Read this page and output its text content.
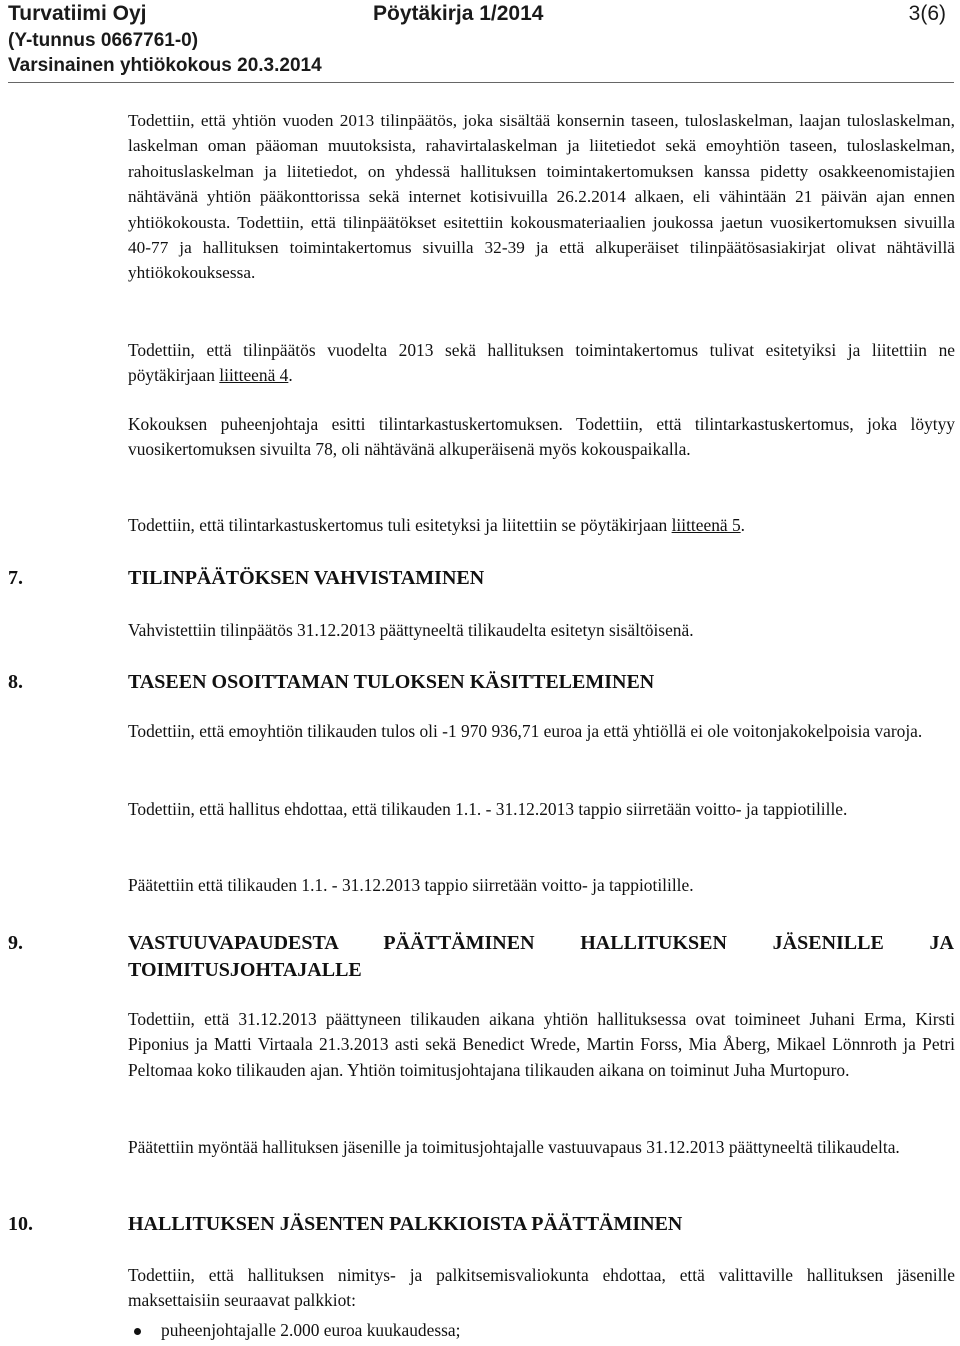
Turvatiimi Oyj	Pöytäkirja 1/2014	3(6)
(Y-tunnus 0667761-0)
Varsinainen yhtiökokous 20.3.2014

Todettiin, että yhtiön vuoden 2013 tilinpäätös, joka sisältää konsernin taseen, tuloslaskelman, laajan tuloslaskelman, laskelman oman pääoman muutoksista, rahavirtalaskelman ja liitetiedot sekä emoyhtiön taseen, tuloslaskelman, rahoituslaskelman ja liitetiedot, on yhdessä hallituksen toimintakertomuksen kanssa pidetty osakkeenomistajien nähtävänä yhtiön pääkonttorissa sekä internet kotisivuilla 26.2.2014 alkaen, eli vähintään 21 päivän ajan ennen yhtiökokousta. Todettiin, että tilinpäätökset esitettiin kokousmateriaalien joukossa jaetun vuosikertomuksen sivuilla 40-77 ja hallituksen toimintakertomus sivuilla 32-39 ja että alkuperäiset tilinpäätösasiakirjat olivat nähtävillä yhtiökokouksessa.

Todettiin, että tilinpäätös vuodelta 2013 sekä hallituksen toimintakertomus tulivat esitetyiksi ja liitettiin ne pöytäkirjaan liitteenä 4.

Kokouksen puheenjohtaja esitti tilintarkastuskertomuksen. Todettiin, että tilintarkastuskertomus, joka löytyy vuosikertomuksen sivuilta 78, oli nähtävänä alkuperäisenä myös kokouspaikalla.

Todettiin, että tilintarkastuskertomus tuli esitetyksi ja liitettiin se pöytäkirjaan liitteenä 5.

7.	TILINPÄÄTÖKSEN VAHVISTAMINEN

Vahvistettiin tilinpäätös 31.12.2013 päättyneeltä tilikaudelta esitetyn sisältöisenä.

8.	TASEEN OSOITTAMAN TULOKSEN KÄSITTELEMINEN

Todettiin, että emoyhtiön tilikauden tulos oli -1 970 936,71 euroa ja että yhtiöllä ei ole voitonjakokelpoisia varoja.

Todettiin, että hallitus ehdottaa, että tilikauden 1.1. - 31.12.2013 tappio siirretään voitto- ja tappiotilille.

Päätettiin että tilikauden 1.1. - 31.12.2013 tappio siirretään voitto- ja tappiotilille.

9.	VASTUUVAPAUDESTA PÄÄTTÄMINEN HALLITUKSEN JÄSENILLE JA TOIMITUSJOHTAJALLE

Todettiin, että 31.12.2013 päättyneen tilikauden aikana yhtiön hallituksessa ovat toimineet Juhani Erma, Kirsti Piponius ja Matti Virtaala 21.3.2013 asti sekä Benedict Wrede, Martin Forss, Mia Åberg, Mikael Lönnroth ja Petri Peltomaa koko tilikauden ajan. Yhtiön toimitusjohtajana tilikauden aikana on toiminut Juha Murtopuro.

Päätettiin myöntää hallituksen jäsenille ja toimitusjohtajalle vastuuvapaus 31.12.2013 päättyneeltä tilikaudelta.

10.	HALLITUKSEN JÄSENTEN PALKKIOISTA PÄÄTTÄMINEN

Todettiin, että hallituksen nimitys- ja palkitsemisvaliokunta ehdottaa, että valittaville hallituksen jäsenille maksettaisiin seuraavat palkkiot:

puheenjohtajalle 2.000 euroa kuukaudessa;
